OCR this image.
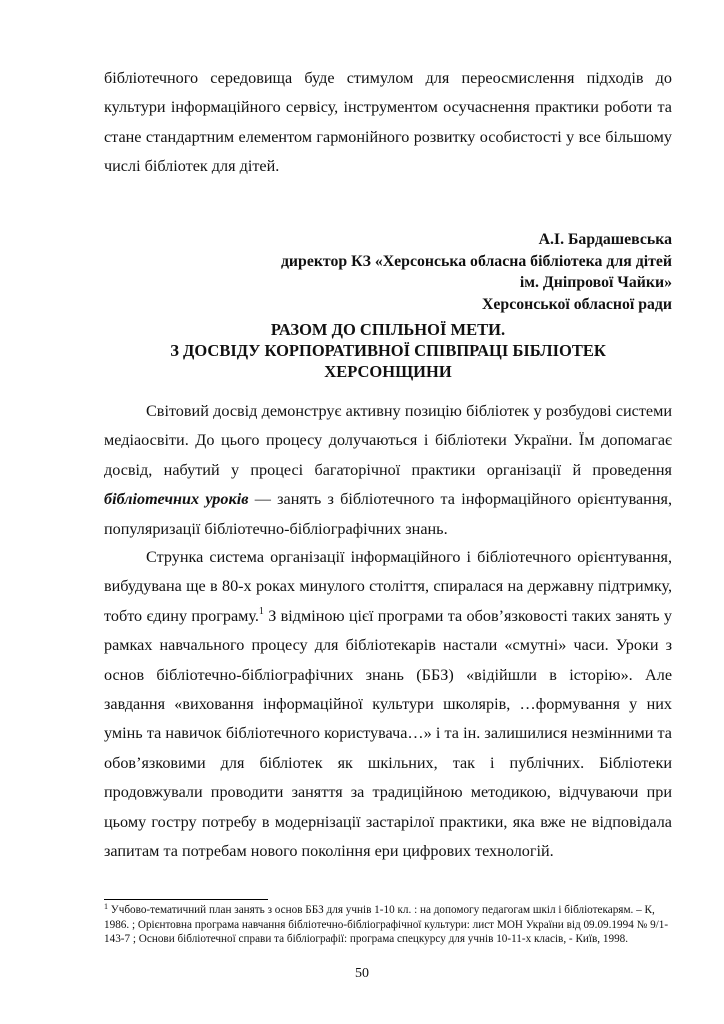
бібліотечного середовища буде стимулом для переосмислення підходів до культури інформаційного сервісу, інструментом осучаснення практики роботи та стане стандартним елементом гармонійного розвитку особистості у все більшому числі бібліотек для дітей.

А.І. Бардашевська
директор КЗ «Херсонська обласна бібліотека для дітей
ім. Дніпрової Чайки»
Херсонської обласної ради
РАЗОМ ДО СПІЛЬНОЇ МЕТИ.
З ДОСВІДУ КОРПОРАТИВНОЇ СПІВПРАЦІ БІБЛІОТЕК
ХЕРСОНЩИНИ

Світовий досвід демонструє активну позицію бібліотек у розбудові системи медіаосвіти. До цього процесу долучаються і бібліотеки України. Їм допомагає досвід, набутий у процесі багаторічної практики організації й проведення бібліотечних уроків — занять з бібліотечного та інформаційного орієнтування, популяризації бібліотечно-бібліографічних знань.

Струнка система організації інформаційного і бібліотечного орієнтування, вибудувана ще в 80-х роках минулого століття, спиралася на державну підтримку, тобто єдину програму.$^1$ З відміною цієї програми та обов’язковості таких занять у рамках навчального процесу для бібліотекарів настали «смутні» часи. Уроки з основ бібліотечно-бібліографічних знань (ББЗ) «відійшли в історію». Але завдання «виховання інформаційної культури школярів, …формування у них умінь та навичок бібліотечного користувача…» і та ін. залишилися незмінними та обов’язковими для бібліотек як шкільних, так і публічних. Бібліотеки продовжували проводити заняття за традиційною методикою, відчуваючи при цьому гостру потребу в модернізації застарілої практики, яка вже не відповідала запитам та потребам нового покоління ери цифрових технологій.

$^1$ Учбово-тематичний план занять з основ ББЗ для учнів 1-10 кл. : на допомогу педагогам шкіл і бібліотекарям. – К, 1986. ; Орієнтовна програма навчання бібліотечно-бібліографічної культури: лист МОН України від 09.09.1994 № 9/1-143-7 ; Основи бібліотечної справи та бібліографії: програма спецкурсу для учнів 10-11-х класів, - Київ, 1998.

50
